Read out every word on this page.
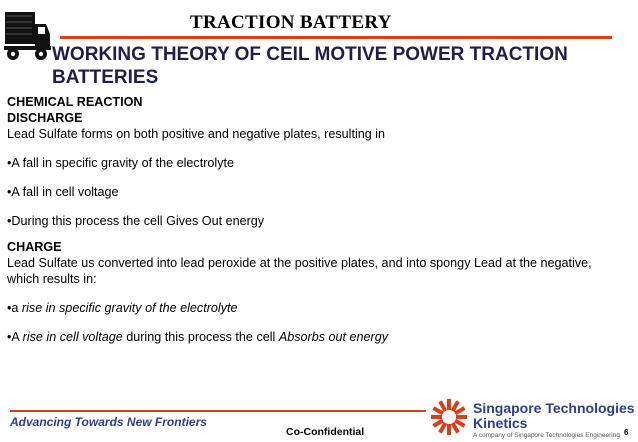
TRACTION BATTERY
WORKING THEORY OF CEIL MOTIVE POWER TRACTION BATTERIES

CHEMICAL REACTION

DISCHARGE

Lead Sulfate forms on both positive and negative plates, resulting in

•A fall in specific gravity of the electrolyte

•A fall in cell voltage

•During this process the cell Gives Out energy

CHARGE

Lead Sulfate us converted into lead peroxide at the positive plates, and into spongy Lead at the negative, which results in:

•a rise in specific gravity of the electrolyte

•A rise in cell voltage during this process the cell Absorbs out energy

Advancing Towards New Frontiers
Co-Confidential
Singapore Technologies
Kinetics
A company of Singapore Technologies Engineering 6
